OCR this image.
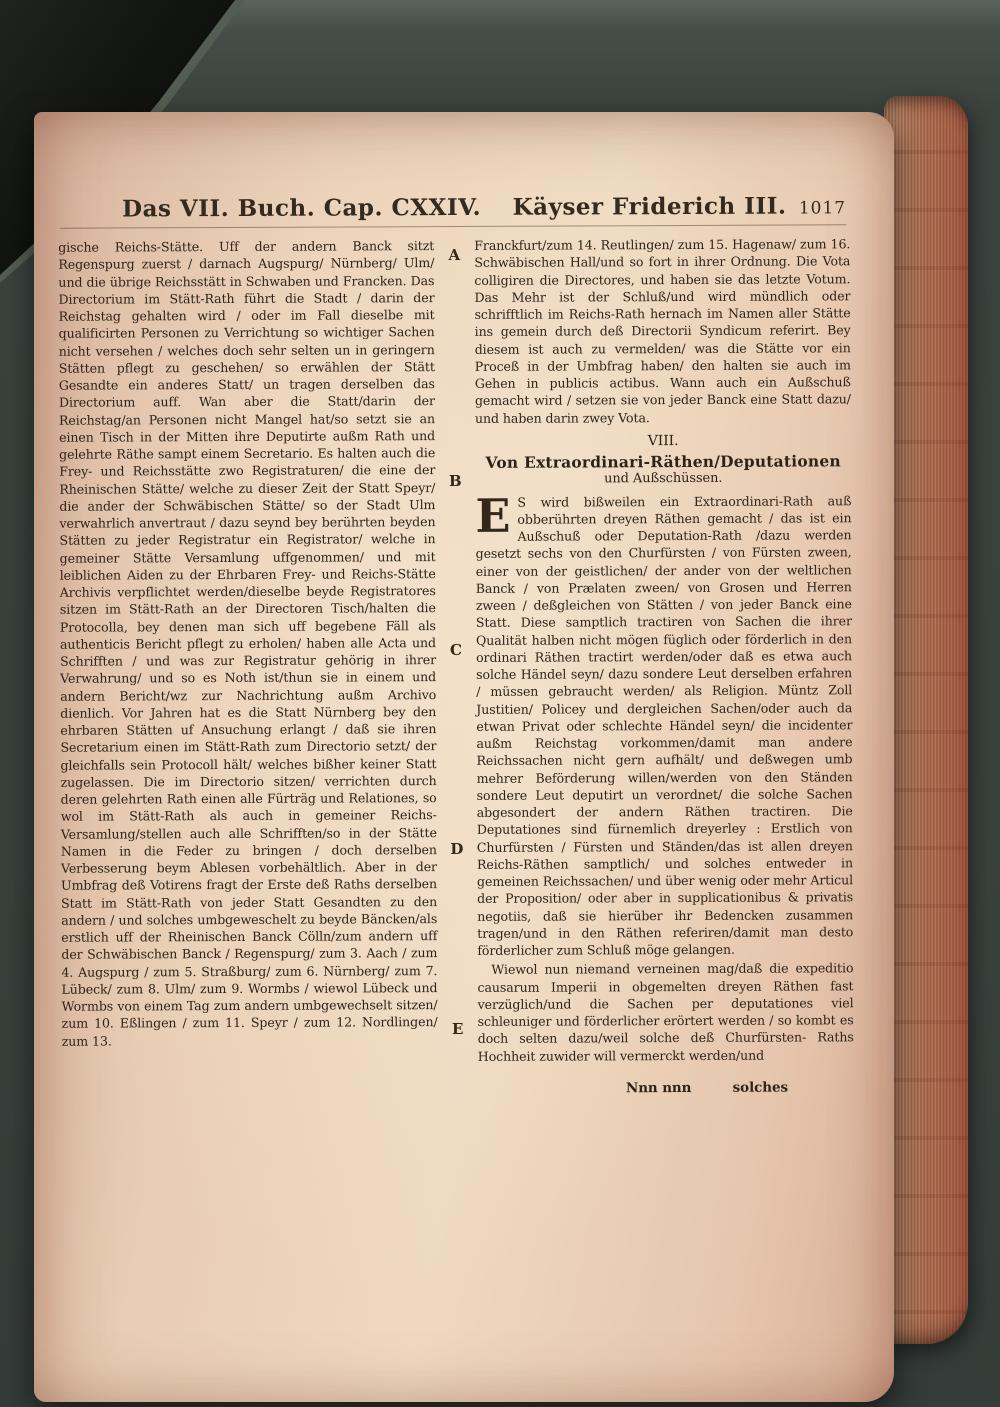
Das VII. Buch. Cap. CXXIV. Käyser Friderich III. 1017
A
B
C
D
E

gische Reichs-Stätte. Uff der andern Banck sitzt Regenspurg zuerst / darnach Augspurg/ Nürnberg/ Ulm/ und die übrige Reichsstätt in Schwaben und Francken. Das Directorium im Stätt-Rath führt die Stadt / darin der Reichstag gehalten wird / oder im Fall dieselbe mit qualificirten Personen zu Verrichtung so wichtiger Sachen nicht versehen / welches doch sehr selten un in geringern Stätten pflegt zu geschehen/ so erwählen der Stätt Gesandte ein anderes Statt/ un tragen derselben das Directorium auff. Wan aber die Statt/darin der Reichstag/an Personen nicht Mangel hat/so setzt sie an einen Tisch in der Mitten ihre Deputirte außm Rath und gelehrte Räthe sampt einem Secretario. Es halten auch die Frey- und Reichsstätte zwo Registraturen/ die eine der Rheinischen Stätte/ welche zu dieser Zeit der Statt Speyr/ die ander der Schwäbischen Stätte/ so der Stadt Ulm verwahrlich anvertraut / dazu seynd bey berührten beyden Stätten zu jeder Registratur ein Registrator/ welche in gemeiner Stätte Versamlung uffgenommen/ und mit leiblichen Aiden zu der Ehrbaren Frey- und Reichs-Stätte Archivis verpflichtet werden/dieselbe beyde Registratores sitzen im Stätt-Rath an der Directoren Tisch/halten die Protocolla, bey denen man sich uff begebene Fäll als authenticis Bericht pflegt zu erholen/ haben alle Acta und Schrifften / und was zur Registratur gehörig in ihrer Verwahrung/ und so es Noth ist/thun sie in einem und andern Bericht/wz zur Nachrichtung außm Archivo dienlich. Vor Jahren hat es die Statt Nürnberg bey den ehrbaren Stätten uf Ansuchung erlangt / daß sie ihren Secretarium einen im Stätt-Rath zum Directorio setzt/ der gleichfalls sein Protocoll hält/ welches bißher keiner Statt zugelassen. Die im Directorio sitzen/ verrichten durch deren gelehrten Rath einen alle Fürträg und Relationes, so wol im Stätt-Rath als auch in gemeiner Reichs-Versamlung/stellen auch alle Schrifften/so in der Stätte Namen in die Feder zu bringen / doch derselben Verbesserung beym Ablesen vorbehältlich. Aber in der Umbfrag deß Votirens fragt der Erste deß Raths derselben Statt im Stätt-Rath von jeder Statt Gesandten zu den andern / und solches umbgeweschelt zu beyde Bäncken/als erstlich uff der Rheinischen Banck Cölln/zum andern uff der Schwäbischen Banck / Regenspurg/ zum 3. Aach / zum 4. Augspurg / zum 5. Straßburg/ zum 6. Nürnberg/ zum 7. Lübeck/ zum 8. Ulm/ zum 9. Wormbs / wiewol Lübeck und Wormbs von einem Tag zum andern umbgewechselt sitzen/ zum 10. Eßlingen / zum 11. Speyr / zum 12. Nordlingen/ zum 13.

Franckfurt/zum 14. Reutlingen/ zum 15. Hagenaw/ zum 16. Schwäbischen Hall/und so fort in ihrer Ordnung. Die Vota colligiren die Directores, und haben sie das letzte Votum. Das Mehr ist der Schluß/und wird mündlich oder schrifftlich im Reichs-Rath hernach im Namen aller Stätte ins gemein durch deß Directorii Syndicum referirt. Bey diesem ist auch zu vermelden/ was die Stätte vor ein Proceß in der Umbfrag haben/ den halten sie auch im Gehen in publicis actibus. Wann auch ein Außschuß gemacht wird / setzen sie von jeder Banck eine Statt dazu/ und haben darin zwey Vota.

VIII.
Von Extraordinari-Räthen/Deputationen
und Außschüssen.

E S wird bißweilen ein Extraordinari-Rath auß obberührten dreyen Räthen gemacht / das ist ein Außschuß oder Deputation-Rath /dazu werden gesetzt sechs von den Churfürsten / von Fürsten zween, einer von der geistlichen/ der ander von der weltlichen Banck / von Prælaten zween/ von Grosen und Herren zween / deßgleichen von Stätten / von jeder Banck eine Statt. Diese samptlich tractiren von Sachen die ihrer Qualität halben nicht mögen füglich oder förderlich in den ordinari Räthen tractirt werden/oder daß es etwa auch solche Händel seyn/ dazu sondere Leut derselben erfahren / müssen gebraucht werden/ als Religion. Müntz Zoll Justitien/ Policey und dergleichen Sachen/oder auch da etwan Privat oder schlechte Händel seyn/ die incidenter außm Reichstag vorkommen/damit man andere Reichssachen nicht gern aufhält/ und deßwegen umb mehrer Beförderung willen/werden von den Ständen sondere Leut deputirt un verordnet/ die solche Sachen abgesondert der andern Räthen tractiren. Die Deputationes sind fürnemlich dreyerley : Erstlich von Churfürsten / Fürsten und Ständen/das ist allen dreyen Reichs-Räthen samptlich/ und solches entweder in gemeinen Reichssachen/ und über wenig oder mehr Articul der Proposition/ oder aber in supplicationibus & privatis negotiis, daß sie hierüber ihr Bedencken zusammen tragen/und in den Räthen referiren/damit man desto förderlicher zum Schluß möge gelangen.

Wiewol nun niemand verneinen mag/daß die expeditio causarum Imperii in obgemelten dreyen Räthen fast verzüglich/und die Sachen per deputationes viel schleuniger und förderlicher erörtert werden / so kombt es doch selten dazu/weil solche deß Churfürsten- Raths Hochheit zuwider will vermerckt werden/und

Nnn nnn	solches
